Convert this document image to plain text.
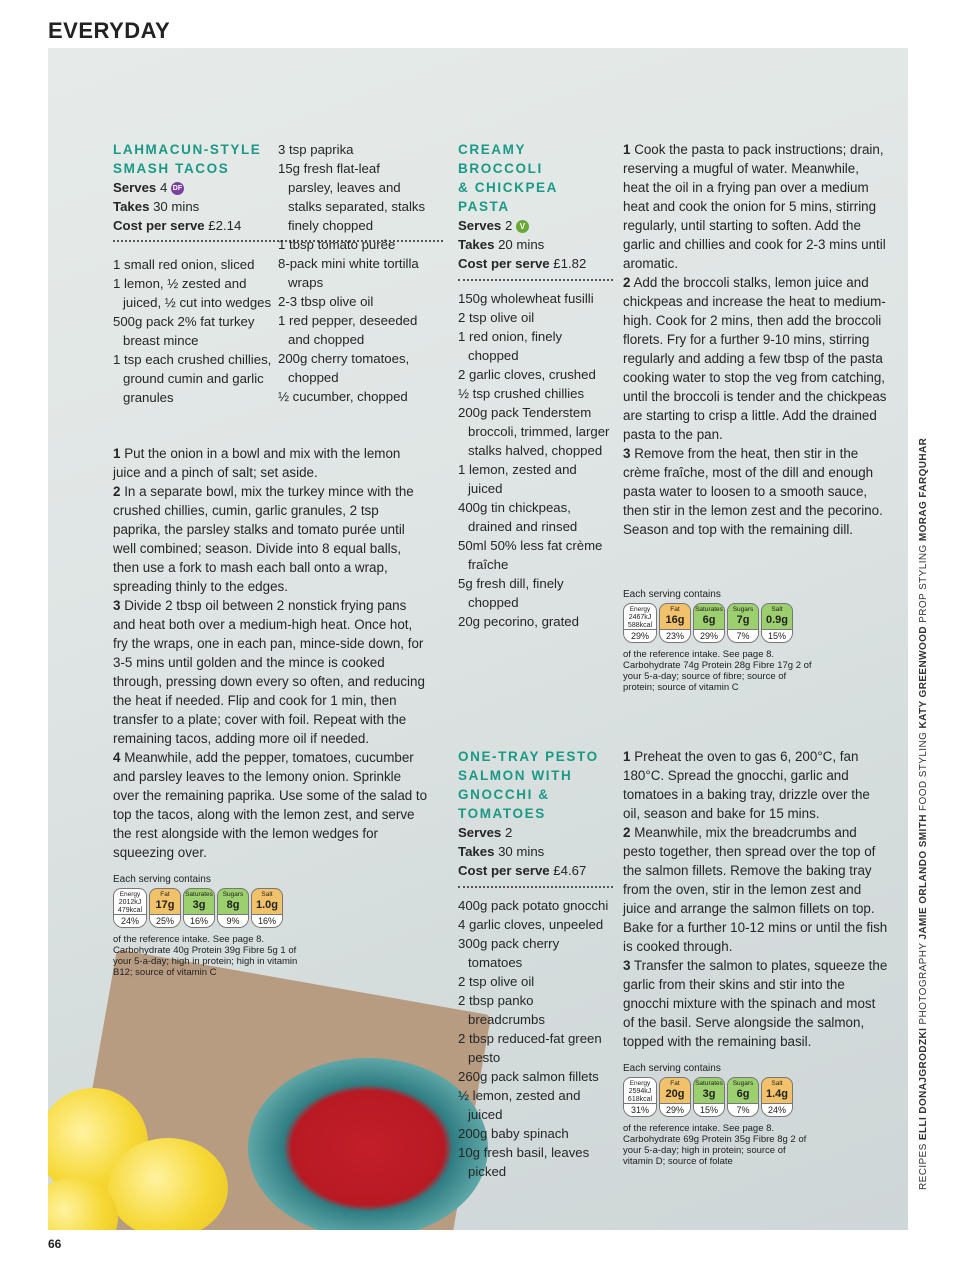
EVERYDAY
LAHMACUN-STYLE
SMASH TACOS
Serves 4 DF
Takes 30 mins
Cost per serve £2.14
1 small red onion, sliced
1 lemon, ½ zested and juiced, ½ cut into wedges
500g pack 2% fat turkey breast mince
1 tsp each crushed chillies, ground cumin and garlic granules
3 tsp paprika
15g fresh flat-leaf parsley, leaves and stalks separated, stalks finely chopped
1 tbsp tomato purée
8-pack mini white tortilla wraps
2-3 tbsp olive oil
1 red pepper, deseeded and chopped
200g cherry tomatoes, chopped
½ cucumber, chopped

1 Put the onion in a bowl and mix with the lemon juice and a pinch of salt; set aside.

2 In a separate bowl, mix the turkey mince with the crushed chillies, cumin, garlic granules, 2 tsp paprika, the parsley stalks and tomato purée until well combined; season. Divide into 8 equal balls, then use a fork to mash each ball onto a wrap, spreading thinly to the edges.

3 Divide 2 tbsp oil between 2 nonstick frying pans and heat both over a medium-high heat. Once hot, fry the wraps, one in each pan, mince-side down, for 3-5 mins until golden and the mince is cooked through, pressing down every so often, and reducing the heat if needed. Flip and cook for 1 min, then transfer to a plate; cover with foil. Repeat with the remaining tacos, adding more oil if needed.

4 Meanwhile, add the pepper, tomatoes, cucumber and parsley leaves to the lemony onion. Sprinkle over the remaining paprika. Use some of the salad to top the tacos, along with the lemon zest, and serve the rest alongside with the lemon wedges for squeezing over.

Each serving contains
Energy
2012kJ
479kcal
24%
Fat
17g
25%
Saturates
3g
16%
Sugars
8g
9%
Salt
1.0g
16%
of the reference intake. See page 8. Carbohydrate 40g Protein 39g Fibre 5g 1 of your 5-a-day; high in protein; high in vitamin B12; source of vitamin C
CREAMY BROCCOLI
& CHICKPEA PASTA
Serves 2 V
Takes 20 mins
Cost per serve £1.82
150g wholewheat fusilli
2 tsp olive oil
1 red onion, finely chopped
2 garlic cloves, crushed
½ tsp crushed chillies
200g pack Tenderstem broccoli, trimmed, larger stalks halved, chopped
1 lemon, zested and juiced
400g tin chickpeas, drained and rinsed
50ml 50% less fat crème fraîche
5g fresh dill, finely chopped
20g pecorino, grated

1 Cook the pasta to pack instructions; drain, reserving a mugful of water. Meanwhile, heat the oil in a frying pan over a medium heat and cook the onion for 5 mins, stirring regularly, until starting to soften. Add the garlic and chillies and cook for 2-3 mins until aromatic.

2 Add the broccoli stalks, lemon juice and chickpeas and increase the heat to medium-high. Cook for 2 mins, then add the broccoli florets. Fry for a further 9-10 mins, stirring regularly and adding a few tbsp of the pasta cooking water to stop the veg from catching, until the broccoli is tender and the chickpeas are starting to crisp a little. Add the drained pasta to the pan.

3 Remove from the heat, then stir in the crème fraîche, most of the dill and enough pasta water to loosen to a smooth sauce, then stir in the lemon zest and the pecorino. Season and top with the remaining dill.

Each serving contains
Energy
2467kJ
588kcal
29%
Fat
16g
23%
Saturates
6g
29%
Sugars
7g
7%
Salt
0.9g
15%
of the reference intake. See page 8. Carbohydrate 74g Protein 28g Fibre 17g 2 of your 5-a-day; source of fibre; source of protein; source of vitamin C
ONE-TRAY PESTO
SALMON WITH
GNOCCHI &
TOMATOES
Serves 2
Takes 30 mins
Cost per serve £4.67
400g pack potato gnocchi
4 garlic cloves, unpeeled
300g pack cherry tomatoes
2 tsp olive oil
2 tbsp panko breadcrumbs
2 tbsp reduced-fat green pesto
260g pack salmon fillets
½ lemon, zested and juiced
200g baby spinach
10g fresh basil, leaves picked

1 Preheat the oven to gas 6, 200°C, fan 180°C. Spread the gnocchi, garlic and tomatoes in a baking tray, drizzle over the oil, season and bake for 15 mins.

2 Meanwhile, mix the breadcrumbs and pesto together, then spread over the top of the salmon fillets. Remove the baking tray from the oven, stir in the lemon zest and juice and arrange the salmon fillets on top. Bake for a further 10-12 mins or until the fish is cooked through.

3 Transfer the salmon to plates, squeeze the garlic from their skins and stir into the gnocchi mixture with the spinach and most of the basil. Serve alongside the salmon, topped with the remaining basil.

Each serving contains
Energy
2594kJ
618kcal
31%
Fat
20g
29%
Saturates
3g
15%
Sugars
6g
7%
Salt
1.4g
24%
of the reference intake. See page 8. Carbohydrate 69g Protein 35g Fibre 8g 2 of your 5-a-day; high in protein; source of vitamin D; source of folate	RECIPES ELLI DONAJGRODZKI PHOTOGRAPHY JAMIE ORLANDO SMITH FOOD STYLING KATY GREENWOOD PROP STYLING MORAG FARQUHAR
66
